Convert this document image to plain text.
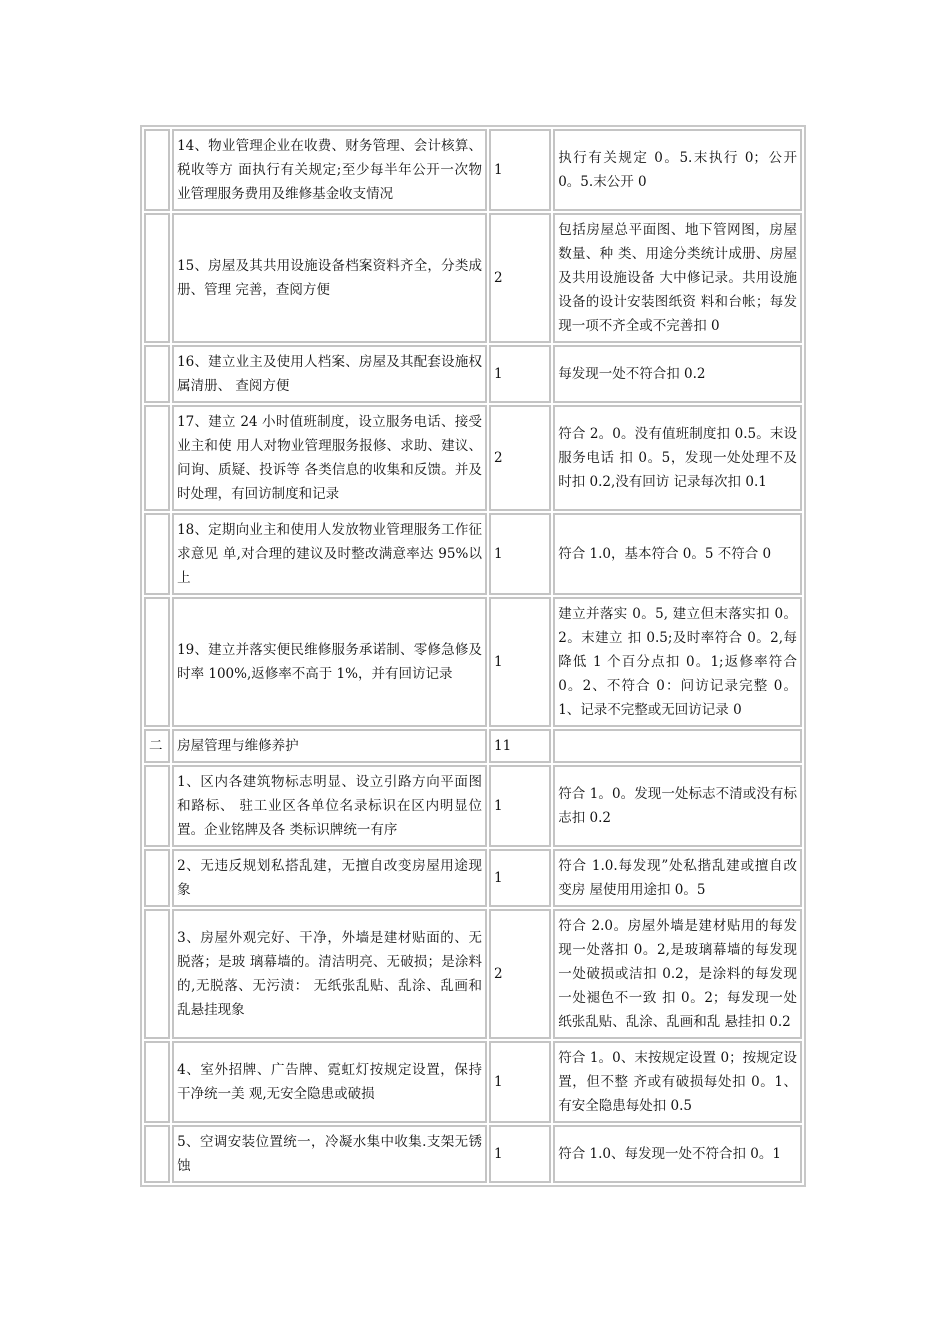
	14、物业管理企业在收费、财务管理、会计核算、税收等方 面执行有关规定;至少每半年公开一次物业管理服务费用及维修基金收支情况	1	执行有关规定 0。5.末执行 0；公开 0。5.末公开 0
	15、房屋及其共用设施设备档案资料齐全，分类成册、管理 完善，查阅方便	2	包括房屋总平面图、地下管网图，房屋数量、种 类、用途分类统计成册、房屋及共用设施设备 大中修记录。共用设施设备的设计安装图纸资 料和台帐；每发现一项不齐全或不完善扣 0
	16、建立业主及使用人档案、房屋及其配套设施权属清册、 查阅方便	1	每发现一处不符合扣 0.2
	17、建立 24 小时值班制度，设立服务电话、接受业主和使 用人对物业管理服务报修、求助、建议、问询、质疑、投诉等 各类信息的收集和反馈。并及时处理，有回访制度和记录	2	符合 2。0。没有值班制度扣 0.5。末设服务电话 扣 0。5，发现一处处理不及时扣 0.2,没有回访 记录每次扣 0.1
	18、定期向业主和使用人发放物业管理服务工作征求意见 单,对合理的建议及时整改满意率达 95%以上	1	符合 1.0，基本符合 0。5 不符合 0
	19、建立并落实便民维修服务承诺制、零修急修及时率 100%,返修率不高于 1%，并有回访记录	1	建立并落实 0。5, 建立但末落实扣 0。2。末建立 扣 0.5;及时率符合 0。2,每降低 1 个百分点扣 0。1;返修率符合 0。2、不符合 0：问访记录完整 0。1、记录不完整或无回访记录 0
二	房屋管理与维修养护	11	
	1、区内各建筑物标志明显、设立引路方向平面图和路标、 驻工业区各单位名录标识在区内明显位置。企业铭牌及各 类标识牌统一有序	1	符合 1。0。发现一处标志不清或没有标志扣 0.2
	2、无违反规划私搭乱建，无擅自改变房屋用途现象	1	符合 1.0.每发现”处私揩乱建或擅自改变房 屋使用用途扣 0。5
	3、房屋外观完好、干净，外墙是建材贴面的、无脱落；是玻 璃幕墙的。清洁明亮、无破损；是涂料的,无脱落、无污渍： 无纸张乱贴、乱涂、乱画和乱悬挂现象	2	符合 2.0。房屋外墙是建材贴用的每发现一处落扣 0。2,是玻璃幕墙的每发现一处破损或洁扣 0.2，是涂料的每发现一处褪色不一致 扣 0。2；每发现一处纸张乱贴、乱涂、乱画和乱 悬挂扣 0.2
	4、室外招牌、广告牌、霓虹灯按规定设置，保持干净统一美 观,无安全隐患或破损	1	符合 1。0、末按规定设置 0；按规定设置，但不整 齐或有破损每处扣 0。1、有安全隐患每处扣 0.5
	5、空调安装位置统一，冷凝水集中收集.支架无锈蚀	1	符合 1.0、每发现一处不符合扣 0。1
